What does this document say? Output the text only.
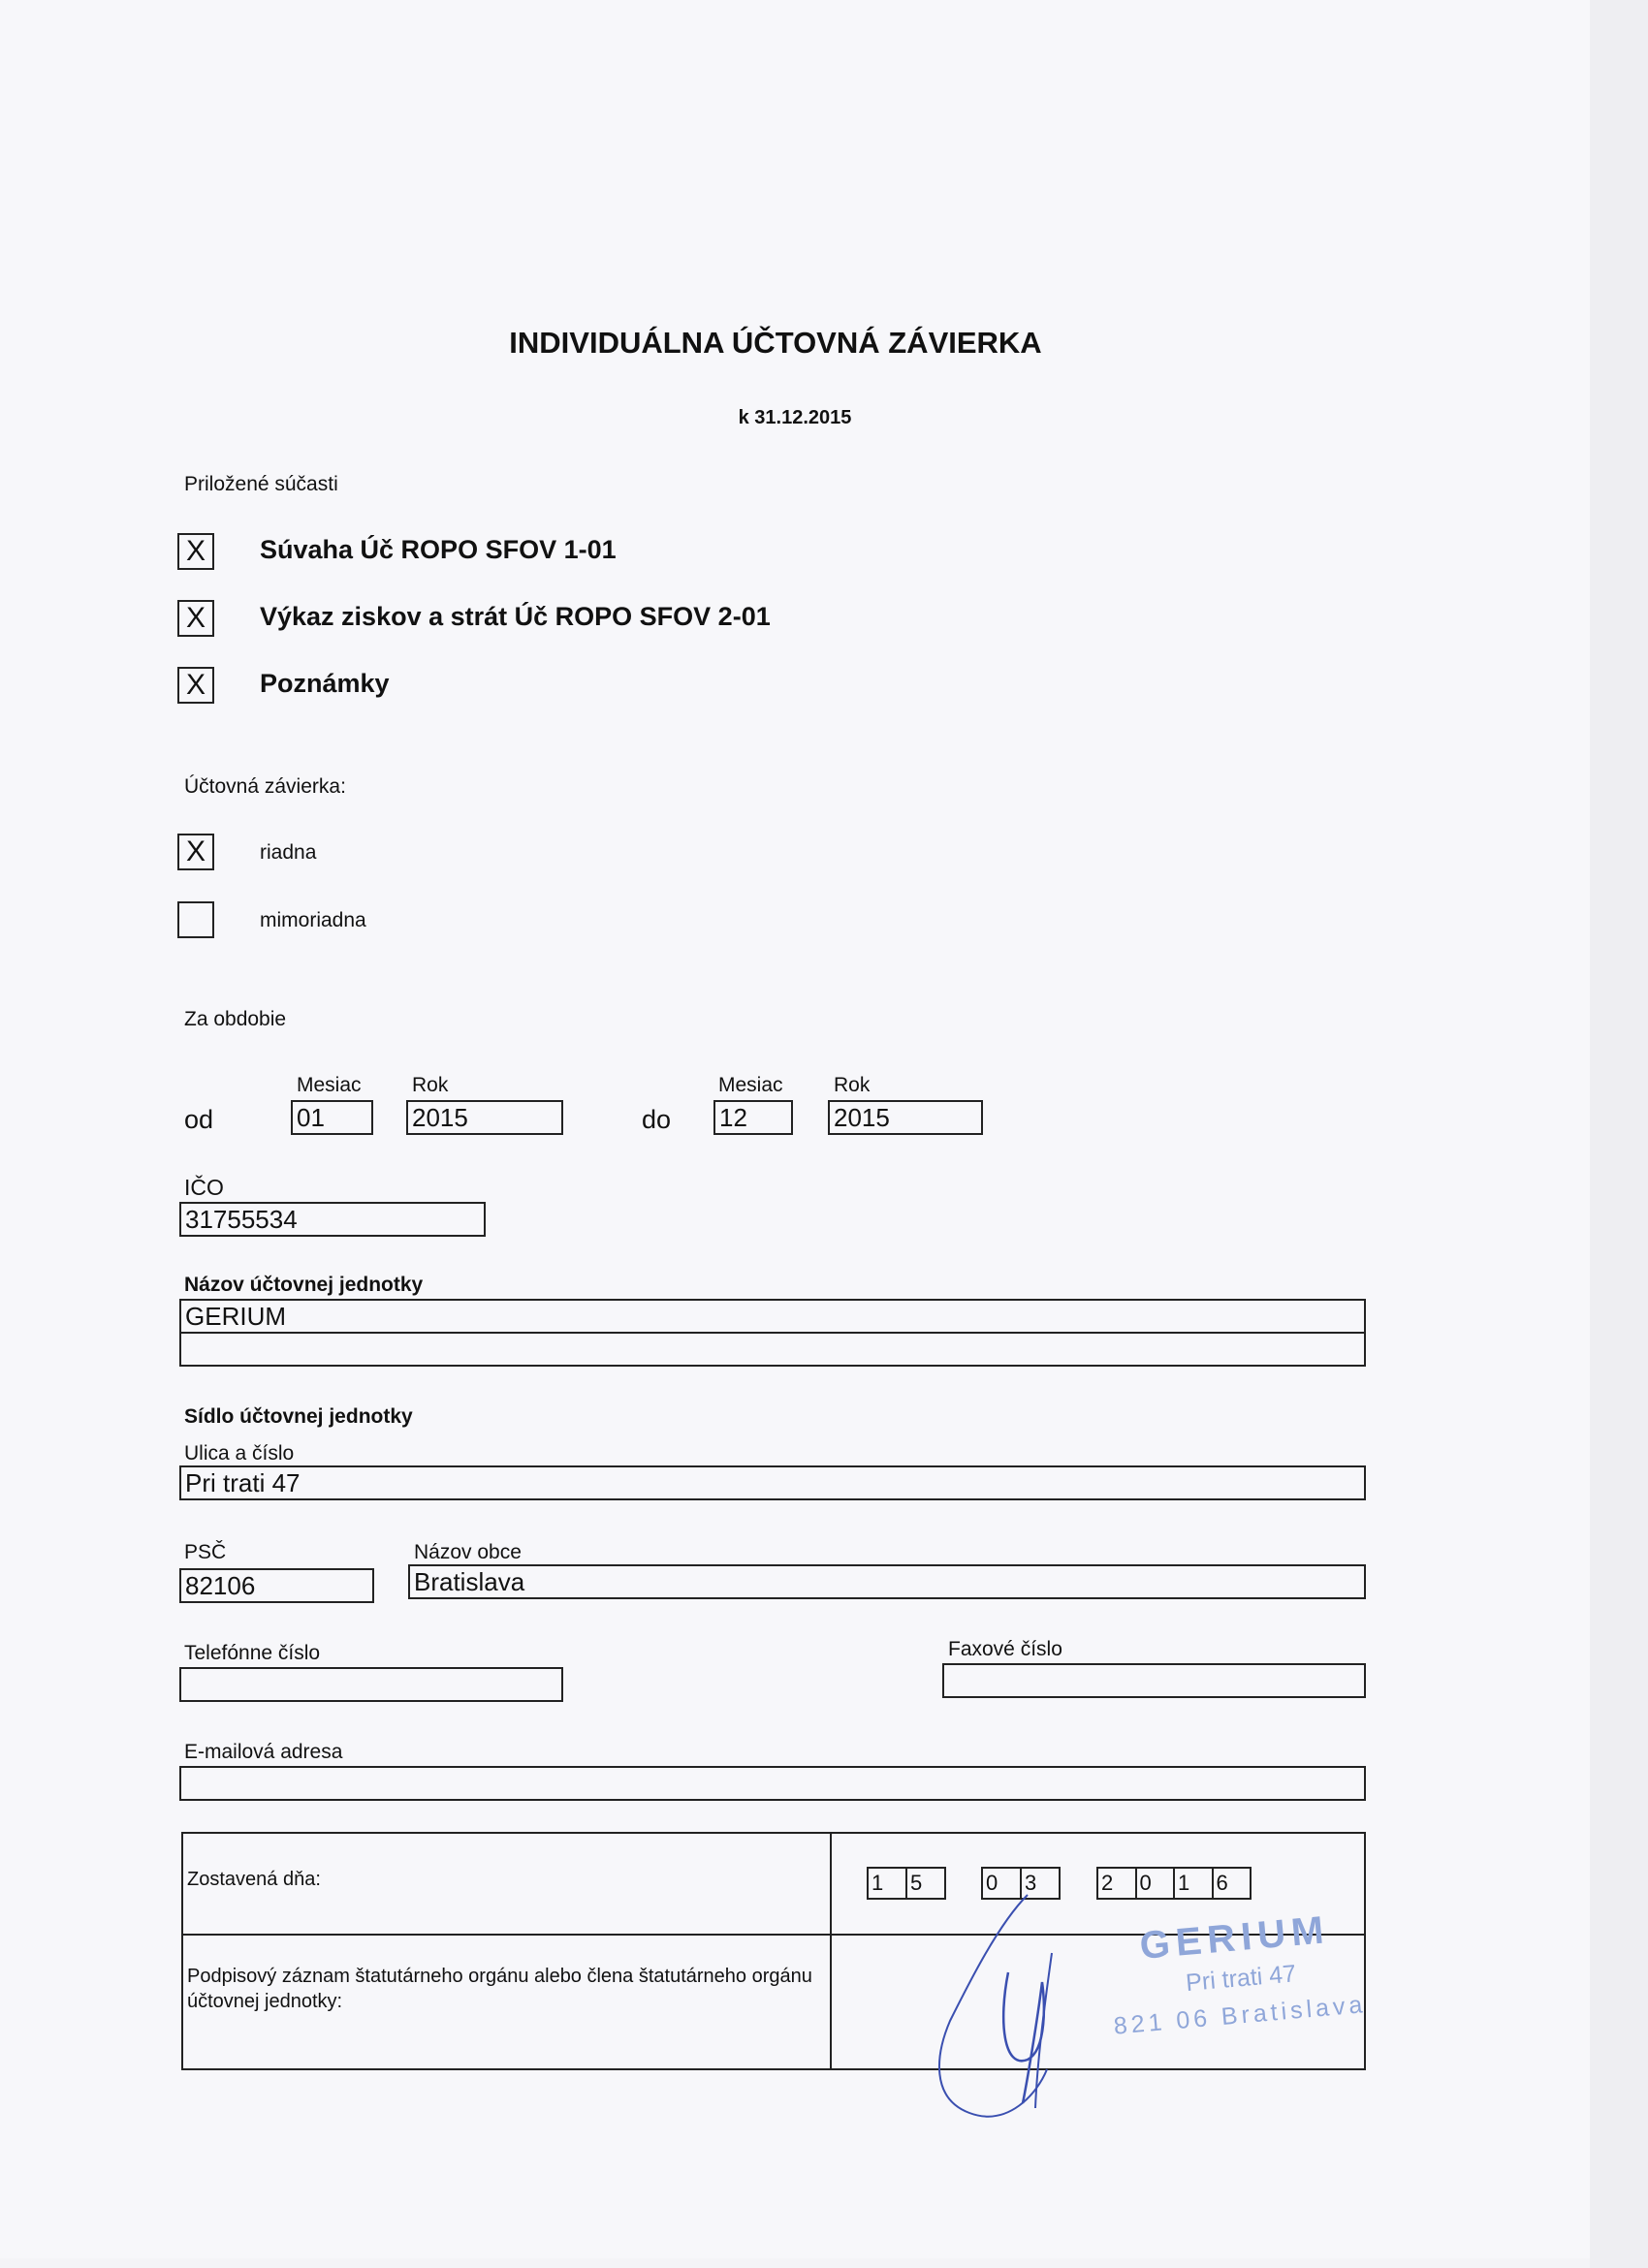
INDIVIDUÁLNA ÚČTOVNÁ ZÁVIERKA
k 31.12.2015
Priložené súčasti
X	Súvaha Úč ROPO SFOV 1-01
X	Výkaz ziskov a strát Úč ROPO SFOV 2-01
X	Poznámky
Účtovná závierka:
X	riadna
mimoriadna
Za obdobie
Mesiac Rok	Mesiac Rok
od	01	2015	do 12	2015
IČO
31755534
Názov účtovnej jednotky
GERIUM
Sídlo účtovnej jednotky
Ulica a číslo
Pri trati 47
PSČ
82106
Názov obce
Bratislava
Telefónne číslo	Faxové číslo
E-mailová adresa
Zostavená dňa:	1	5	0	3	2	0	1	6
Podpisový záznam štatutárneho orgánu alebo člena štatutárneho orgánu účtovnej jednotky:
GERIUM
Pri trati 47
821 06 Bratislava
